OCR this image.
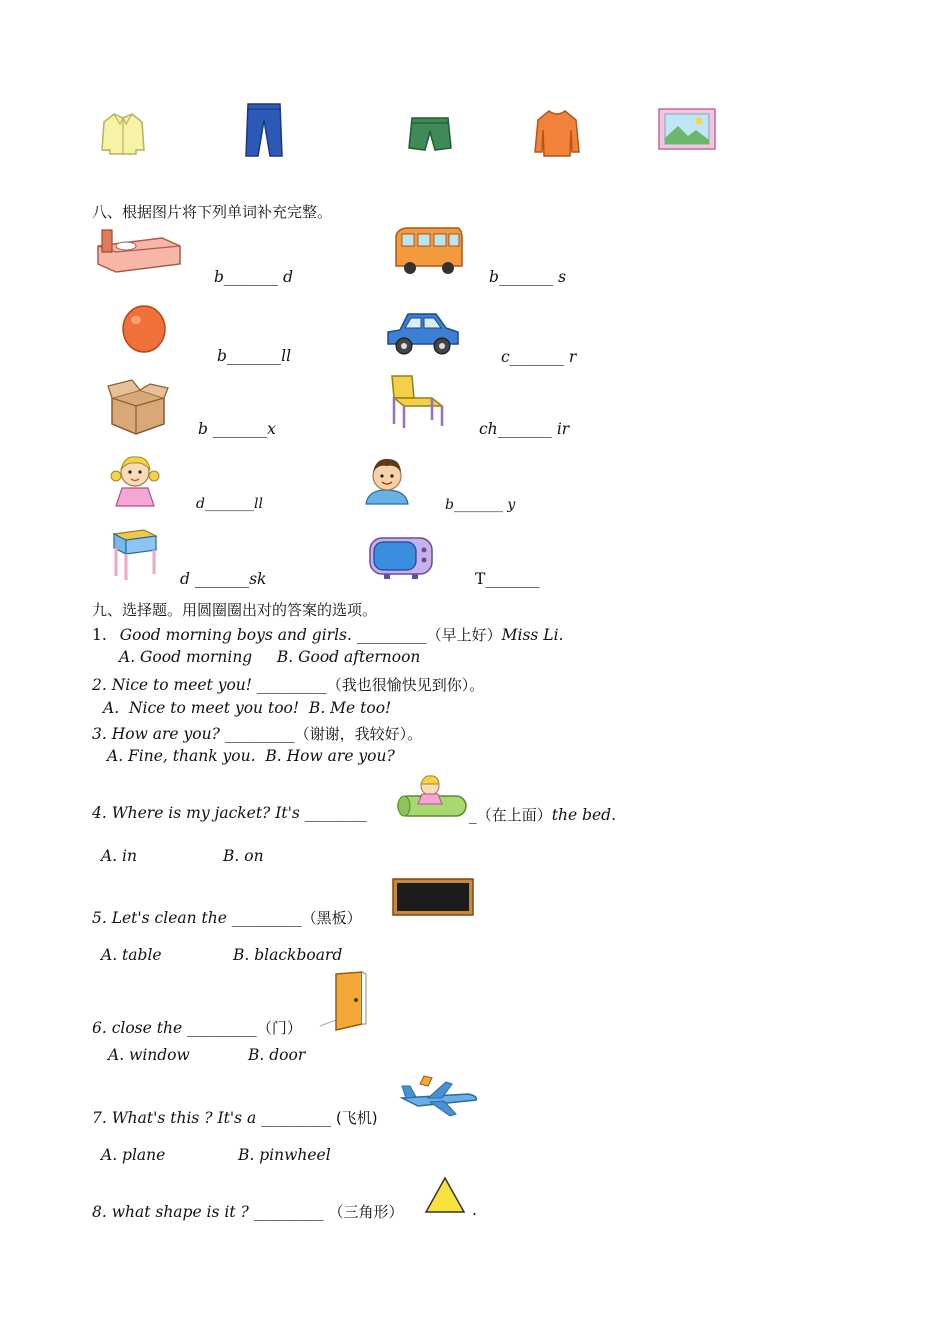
八、根据图片将下列单词补充完整。
b_______ d	b_______ s
b_______ll	c_______ r
b _______x	ch_______ ir
d_______ll	b_______ y
d _______sk	T_______
九、选择题。用圆圈圈出对的答案的选项。
1. Good morning boys and girls. _________（早上好）Miss Li.
A. Good morning     B. Good afternoon
2. Nice to meet you! _________（我也很愉快见到你）。
A.  Nice to meet you too!  B. Me too!
3. How are you? _________（谢谢，我较好）。
A. Fine, thank you.  B. How are you?
4. Where is my jacket? It's ________	_（在上面）the bed.
A. in	B. on
5. Let's clean the _________（黑板）
A. table	B. blackboard
6. close the _________（门）
A. window	B. door
7. What's this ? It's a _________ (飞机)
A. plane	B. pinwheel
8. what shape is it ? _________ （三角形）	.
